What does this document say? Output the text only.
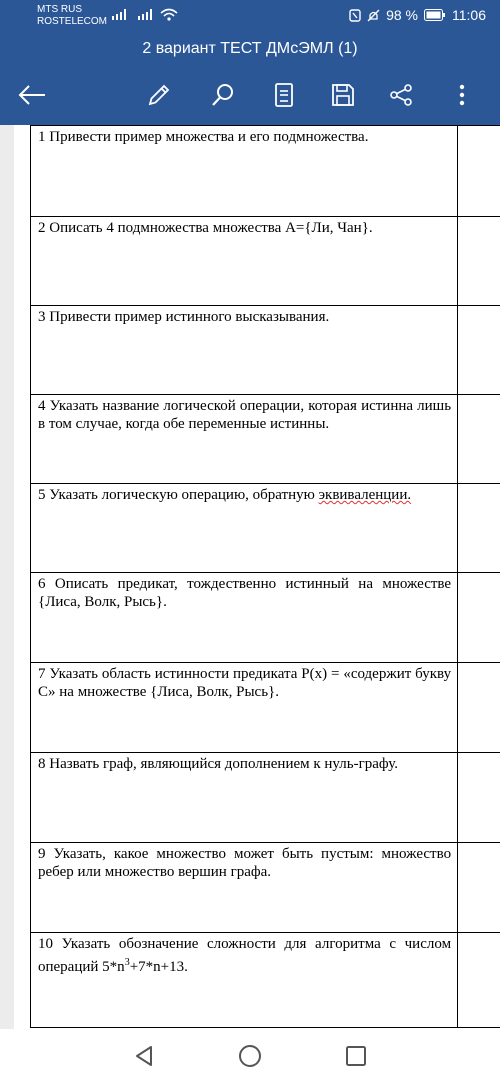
MTS RUS
ROSTELECOM	98 % 11:06
2 вариант ТЕСТ ДМсЭМЛ (1)
1 Привести пример множества и его подмножества.	
2 Описать 4 подмножества множества А={Ли, Чан}.	
3 Привести пример истинного высказывания.	
4 Указать название логической операции, которая истинна лишь в том случае, когда обе переменные истинны.	
5 Указать логическую операцию, обратную эквиваленции.	
6 Описать предикат, тождественно истинный на множестве {Лиса, Волк, Рысь}.	
7 Указать область истинности предиката P(x) = «содержит букву С» на множестве {Лиса, Волк, Рысь}.	
8 Назвать граф, являющийся дополнением к нуль-графу.	
9 Указать, какое множество может быть пустым: множество ребер или множество вершин графа.	
10 Указать обозначение сложности для алгоритма с числом операций $5*n^3+7*n+13$.	
